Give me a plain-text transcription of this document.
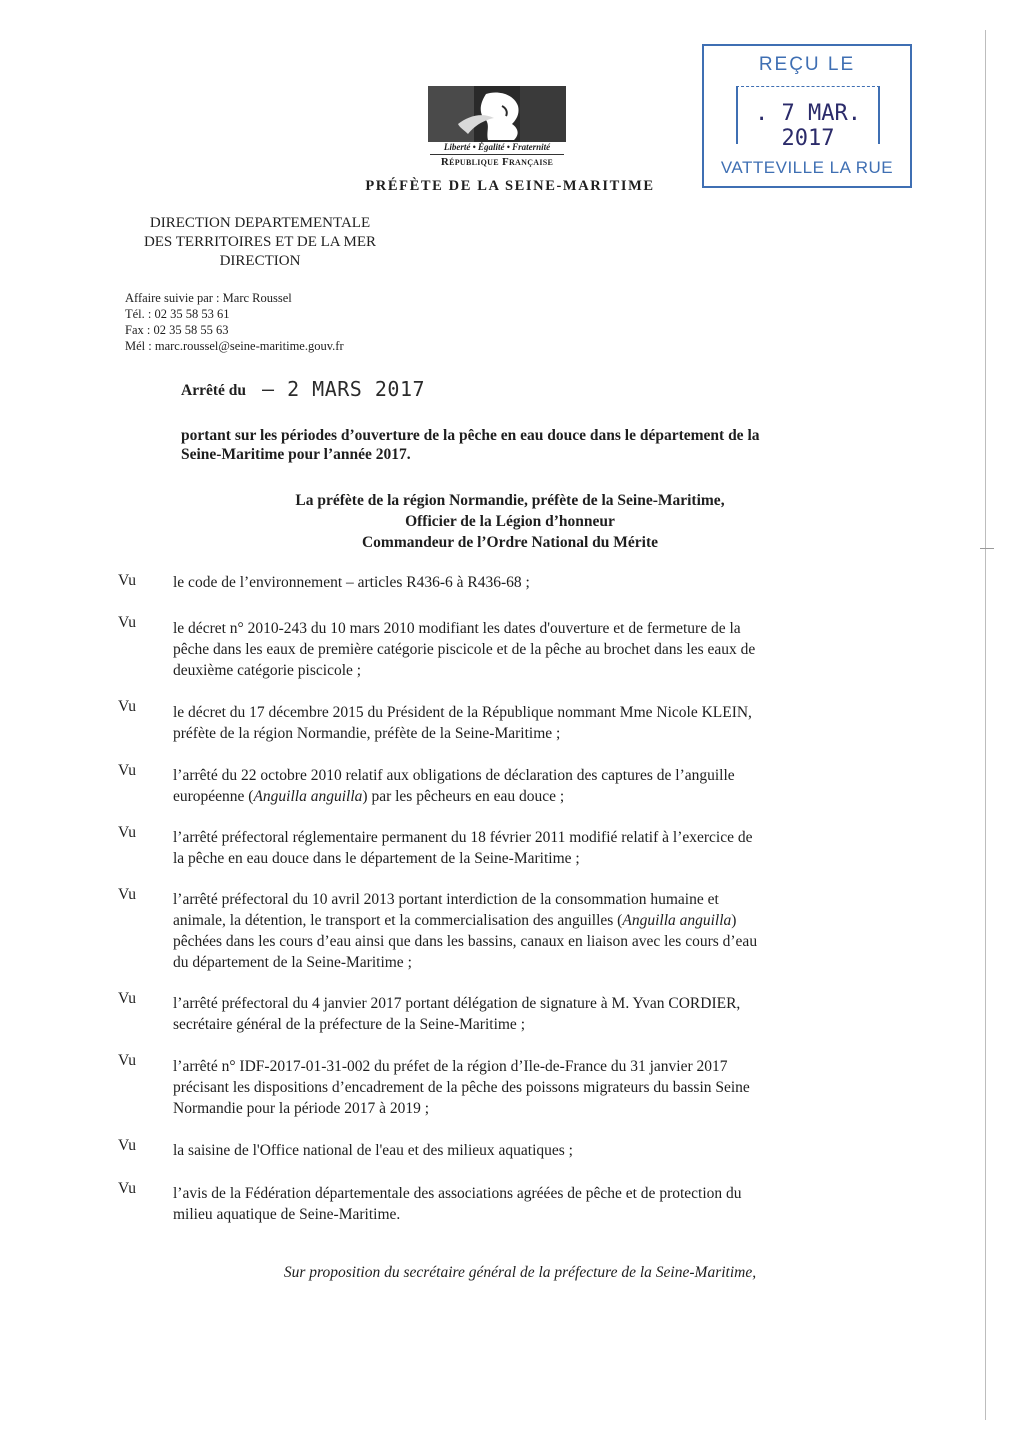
Liberté • Égalité • Fraternité
République Française
PRÉFÈTE DE LA SEINE-MARITIME
REÇU LE
. 7 MAR. 2017
VATTEVILLE LA RUE
DIRECTION DEPARTEMENTALE
DES TERRITOIRES ET DE LA MER
DIRECTION
Affaire suivie par : Marc Roussel
Tél. : 02 35 58 53 61
Fax : 02 35 58 55 63
Mél : marc.roussel@seine-maritime.gouv.fr
Arrêté du – 2 MARS 2017
portant sur les périodes d’ouverture de la pêche en eau douce dans le département de la
Seine-Maritime pour l’année 2017.
La préfète de la région Normandie, préfète de la Seine-Maritime,
Officier de la Légion d’honneur
Commandeur de l’Ordre National du Mérite
Vu le code de l’environnement – articles R436-6 à R436-68 ;
Vu le décret n° 2010-243 du 10 mars 2010 modifiant les dates d'ouverture et de fermeture de la
pêche dans les eaux de première catégorie piscicole et de la pêche au brochet dans les eaux de
deuxième catégorie piscicole ;
Vu le décret du 17 décembre 2015 du Président de la République nommant Mme Nicole KLEIN,
préfète de la région Normandie, préfète de la Seine-Maritime ;
Vu l’arrêté du 22 octobre 2010 relatif aux obligations de déclaration des captures de l’anguille
européenne (Anguilla anguilla) par les pêcheurs en eau douce ;
Vu l’arrêté préfectoral réglementaire permanent du 18 février 2011 modifié relatif à l’exercice de
la pêche en eau douce dans le département de la Seine-Maritime ;
Vu l’arrêté préfectoral du 10 avril 2013 portant interdiction de la consommation humaine et
animale, la détention, le transport et la commercialisation des anguilles (Anguilla anguilla)
pêchées dans les cours d’eau ainsi que dans les bassins, canaux en liaison avec les cours d’eau
du département de la Seine-Maritime ;
Vu l’arrêté préfectoral du 4 janvier 2017 portant délégation de signature à M. Yvan CORDIER,
secrétaire général de la préfecture de la Seine-Maritime ;
Vu l’arrêté n° IDF-2017-01-31-002 du préfet de la région d’Ile-de-France du 31 janvier 2017
précisant les dispositions d’encadrement de la pêche des poissons migrateurs du bassin Seine
Normandie pour la période 2017 à 2019 ;
Vu la saisine de l'Office national de l'eau et des milieux aquatiques ;
Vu l’avis de la Fédération départementale des associations agréées de pêche et de protection du
milieu aquatique de Seine-Maritime.
Sur proposition du secrétaire général de la préfecture de la Seine-Maritime,
